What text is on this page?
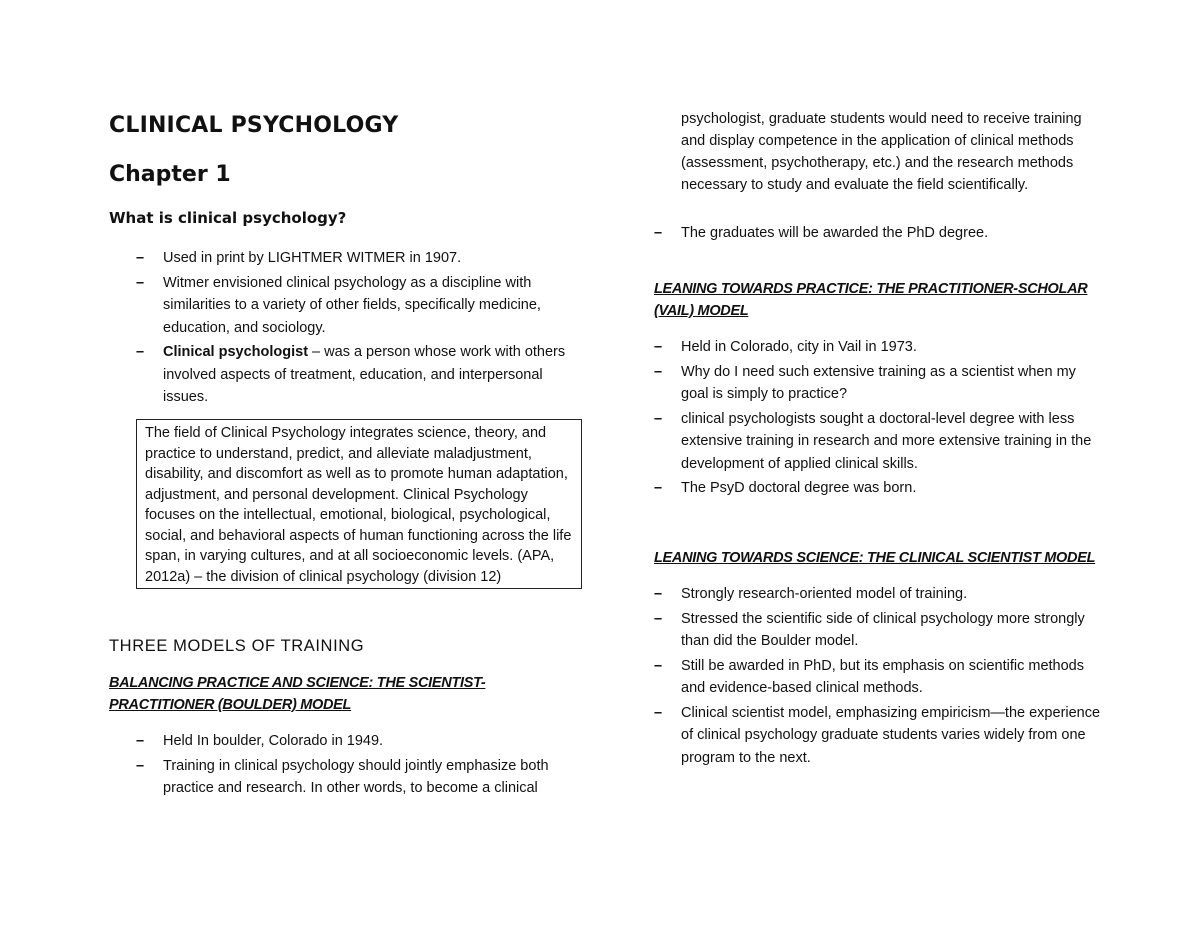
CLINICAL PSYCHOLOGY
Chapter 1
What is clinical psychology?
– Used in print by LIGHTMER WITMER in 1907.
– Witmer envisioned clinical psychology as a discipline with similarities to a variety of other fields, specifically medicine, education, and sociology.
– Clinical psychologist – was a person whose work with others involved aspects of treatment, education, and interpersonal issues.
The field of Clinical Psychology integrates science, theory, and practice to understand, predict, and alleviate maladjustment, disability, and discomfort as well as to promote human adaptation, adjustment, and personal development. Clinical Psychology focuses on the intellectual, emotional, biological, psychological, social, and behavioral aspects of human functioning across the life span, in varying cultures, and at all socioeconomic levels. (APA, 2012a) – the division of clinical psychology (division 12)
THREE MODELS OF TRAINING

BALANCING PRACTICE AND SCIENCE: THE SCIENTIST-PRACTITIONER (BOULDER) MODEL

– Held In boulder, Colorado in 1949.
– Training in clinical psychology should jointly emphasize both practice and research. In other words, to become a clinical

psychologist, graduate students would need to receive training and display competence in the application of clinical methods (assessment, psychotherapy, etc.) and the research methods necessary to study and evaluate the field scientifically.

– The graduates will be awarded the PhD degree.

LEANING TOWARDS PRACTICE: THE PRACTITIONER-SCHOLAR (VAIL) MODEL

– Held in Colorado, city in Vail in 1973.
– Why do I need such extensive training as a scientist when my goal is simply to practice?
– clinical psychologists sought a doctoral-level degree with less extensive training in research and more extensive training in the development of applied clinical skills.
– The PsyD doctoral degree was born.

LEANING TOWARDS SCIENCE: THE CLINICAL SCIENTIST MODEL

– Strongly research-oriented model of training.
– Stressed the scientific side of clinical psychology more strongly than did the Boulder model.
– Still be awarded in PhD, but its emphasis on scientific methods and evidence-based clinical methods.
– Clinical scientist model, emphasizing empiricism—the experience of clinical psychology graduate students varies widely from one program to the next.
